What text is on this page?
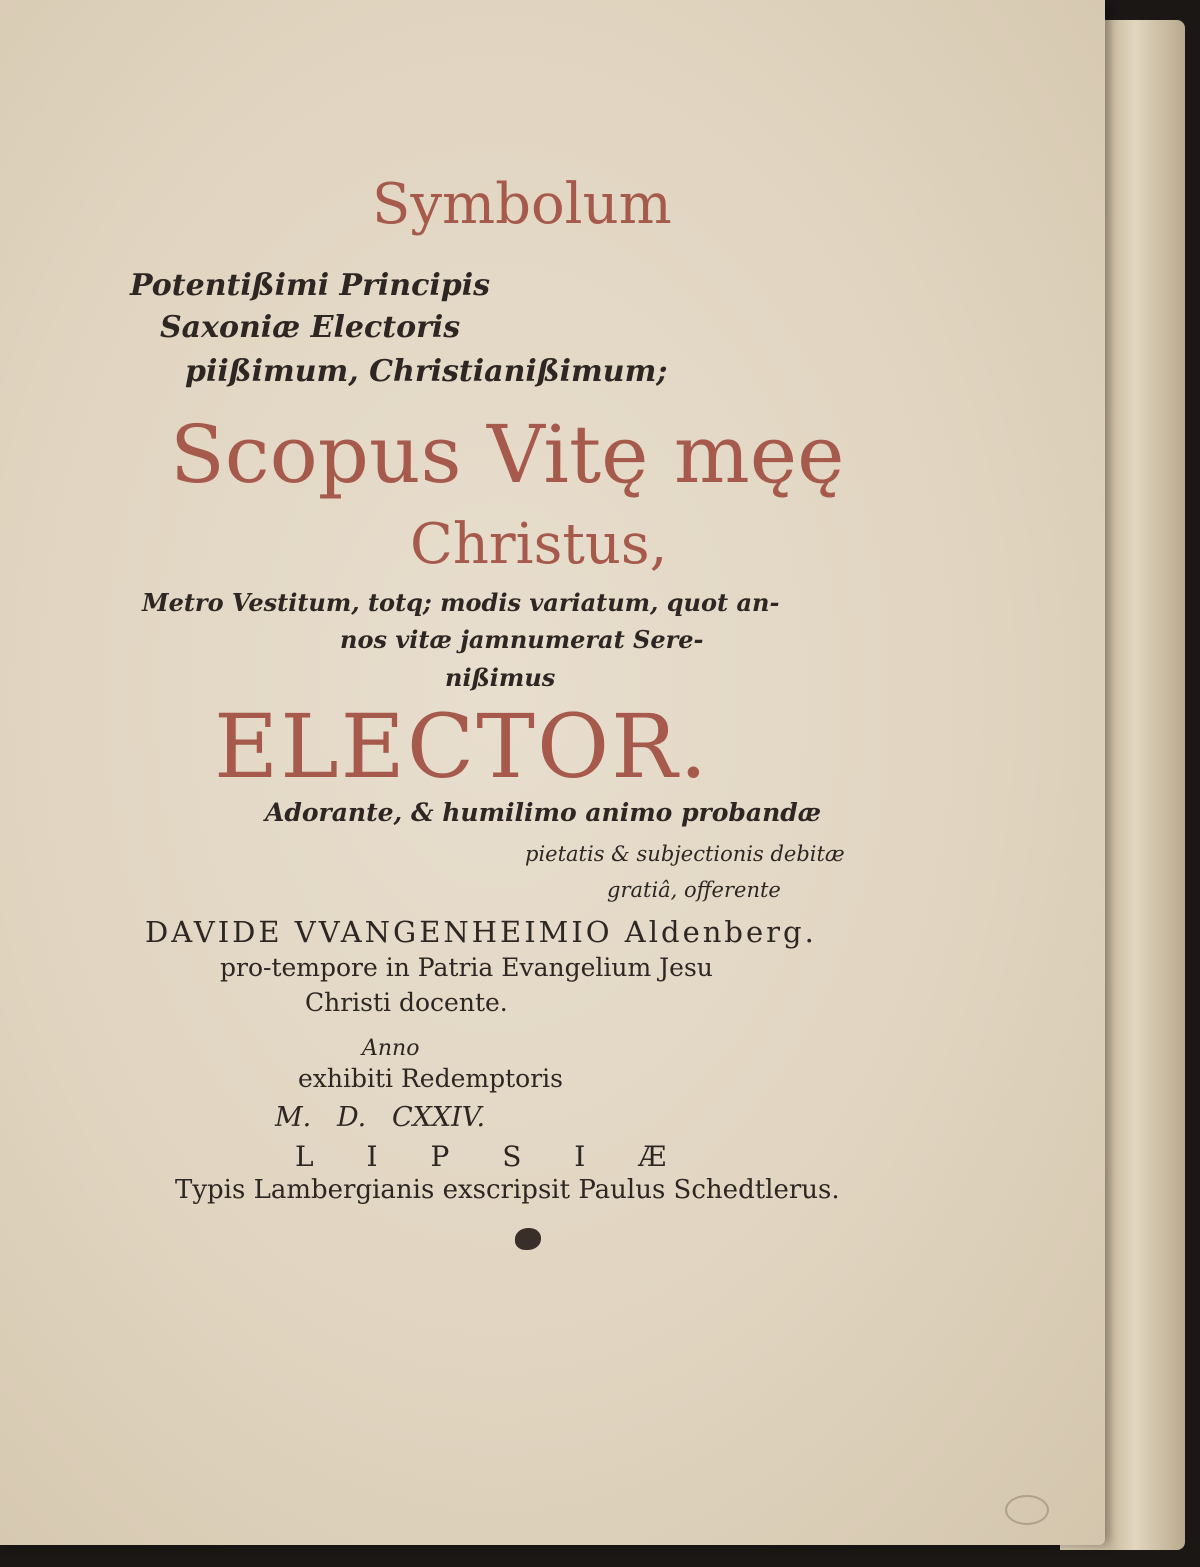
Symbolum
Potentißimi Principis
Saxoniæ Electoris
piißimum, Christianißimum;
Scopus Vitę męę
Christus,
Metro Vestitum, totq; modis variatum, quot an-
nos vitæ jamnumerat Sere-
nißimus
ELECTOR.
Adorante, & humilimo animo probandæ
pietatis & subjectionis debitæ
gratiâ, offerente
DAVIDE VVANGENHEIMIO Aldenberg.
pro-tempore in Patria Evangelium Jesu
Christi docente.
Anno
exhibiti Redemptoris
M.   D.   CXXIV.
L I P S I Æ
Typis Lambergianis exscripsit Paulus Schedtlerus.
